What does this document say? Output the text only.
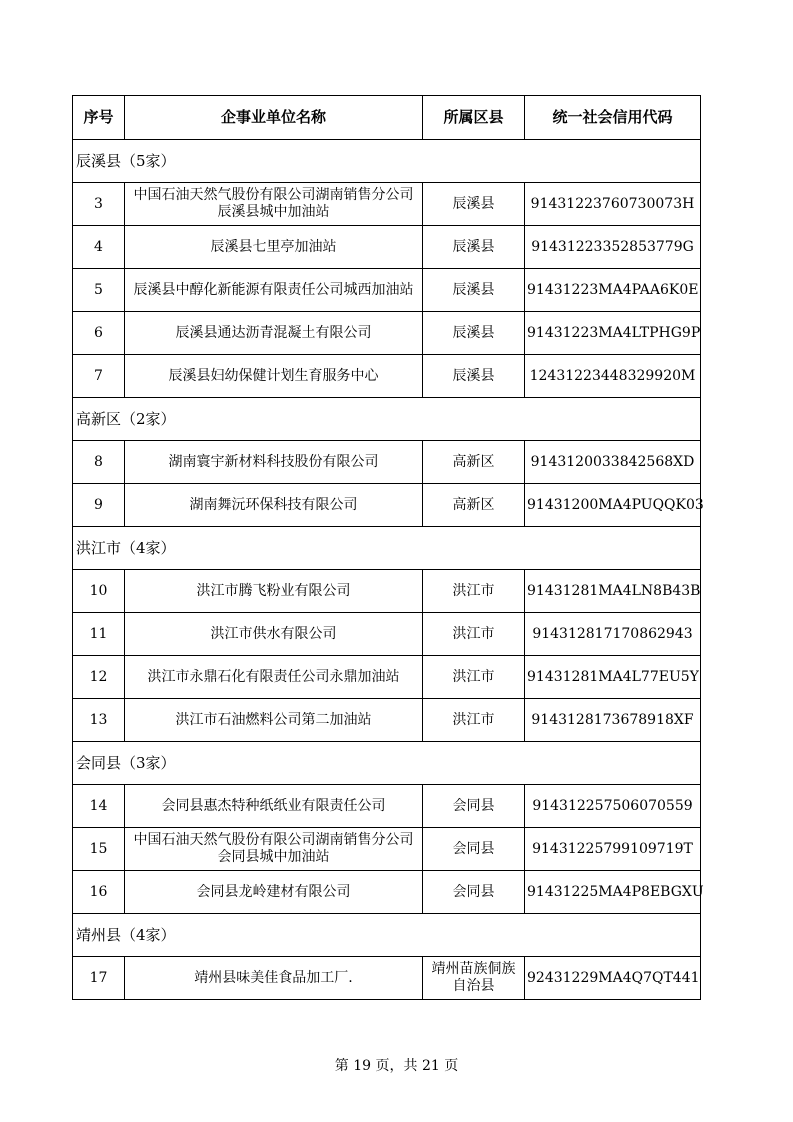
序号	企事业单位名称	所属区县	统一社会信用代码
辰溪县（5家）			
3	中国石油天然气股份有限公司湖南销售分公司辰溪县城中加油站	辰溪县	91431223760730073H
4	辰溪县七里亭加油站	辰溪县	91431223352853779G
5	辰溪县中醇化新能源有限责任公司城西加油站	辰溪县	91431223MA4PAA6K0E
6	辰溪县通达沥青混凝土有限公司	辰溪县	91431223MA4LTPHG9P
7	辰溪县妇幼保健计划生育服务中心	辰溪县	12431223448329920M
高新区（2家）			
8	湖南寰宇新材料科技股份有限公司	高新区	9143120033842568XD
9	湖南舞沅环保科技有限公司	高新区	91431200MA4PUQQK03
洪江市（4家）			
10	洪江市腾飞粉业有限公司	洪江市	91431281MA4LN8B43B
11	洪江市供水有限公司	洪江市	914312817170862943
12	洪江市永鼎石化有限责任公司永鼎加油站	洪江市	91431281MA4L77EU5Y
13	洪江市石油燃料公司第二加油站	洪江市	9143128173678918XF
会同县（3家）			
14	会同县惠杰特种纸纸业有限责任公司	会同县	914312257506070559
15	中国石油天然气股份有限公司湖南销售分公司会同县城中加油站	会同县	91431225799109719T
16	会同县龙岭建材有限公司	会同县	91431225MA4P8EBGXU
靖州县（4家）			
17	靖州县味美佳食品加工厂.	靖州苗族侗族自治县	92431229MA4Q7QT441
第 19 页，共 21 页
